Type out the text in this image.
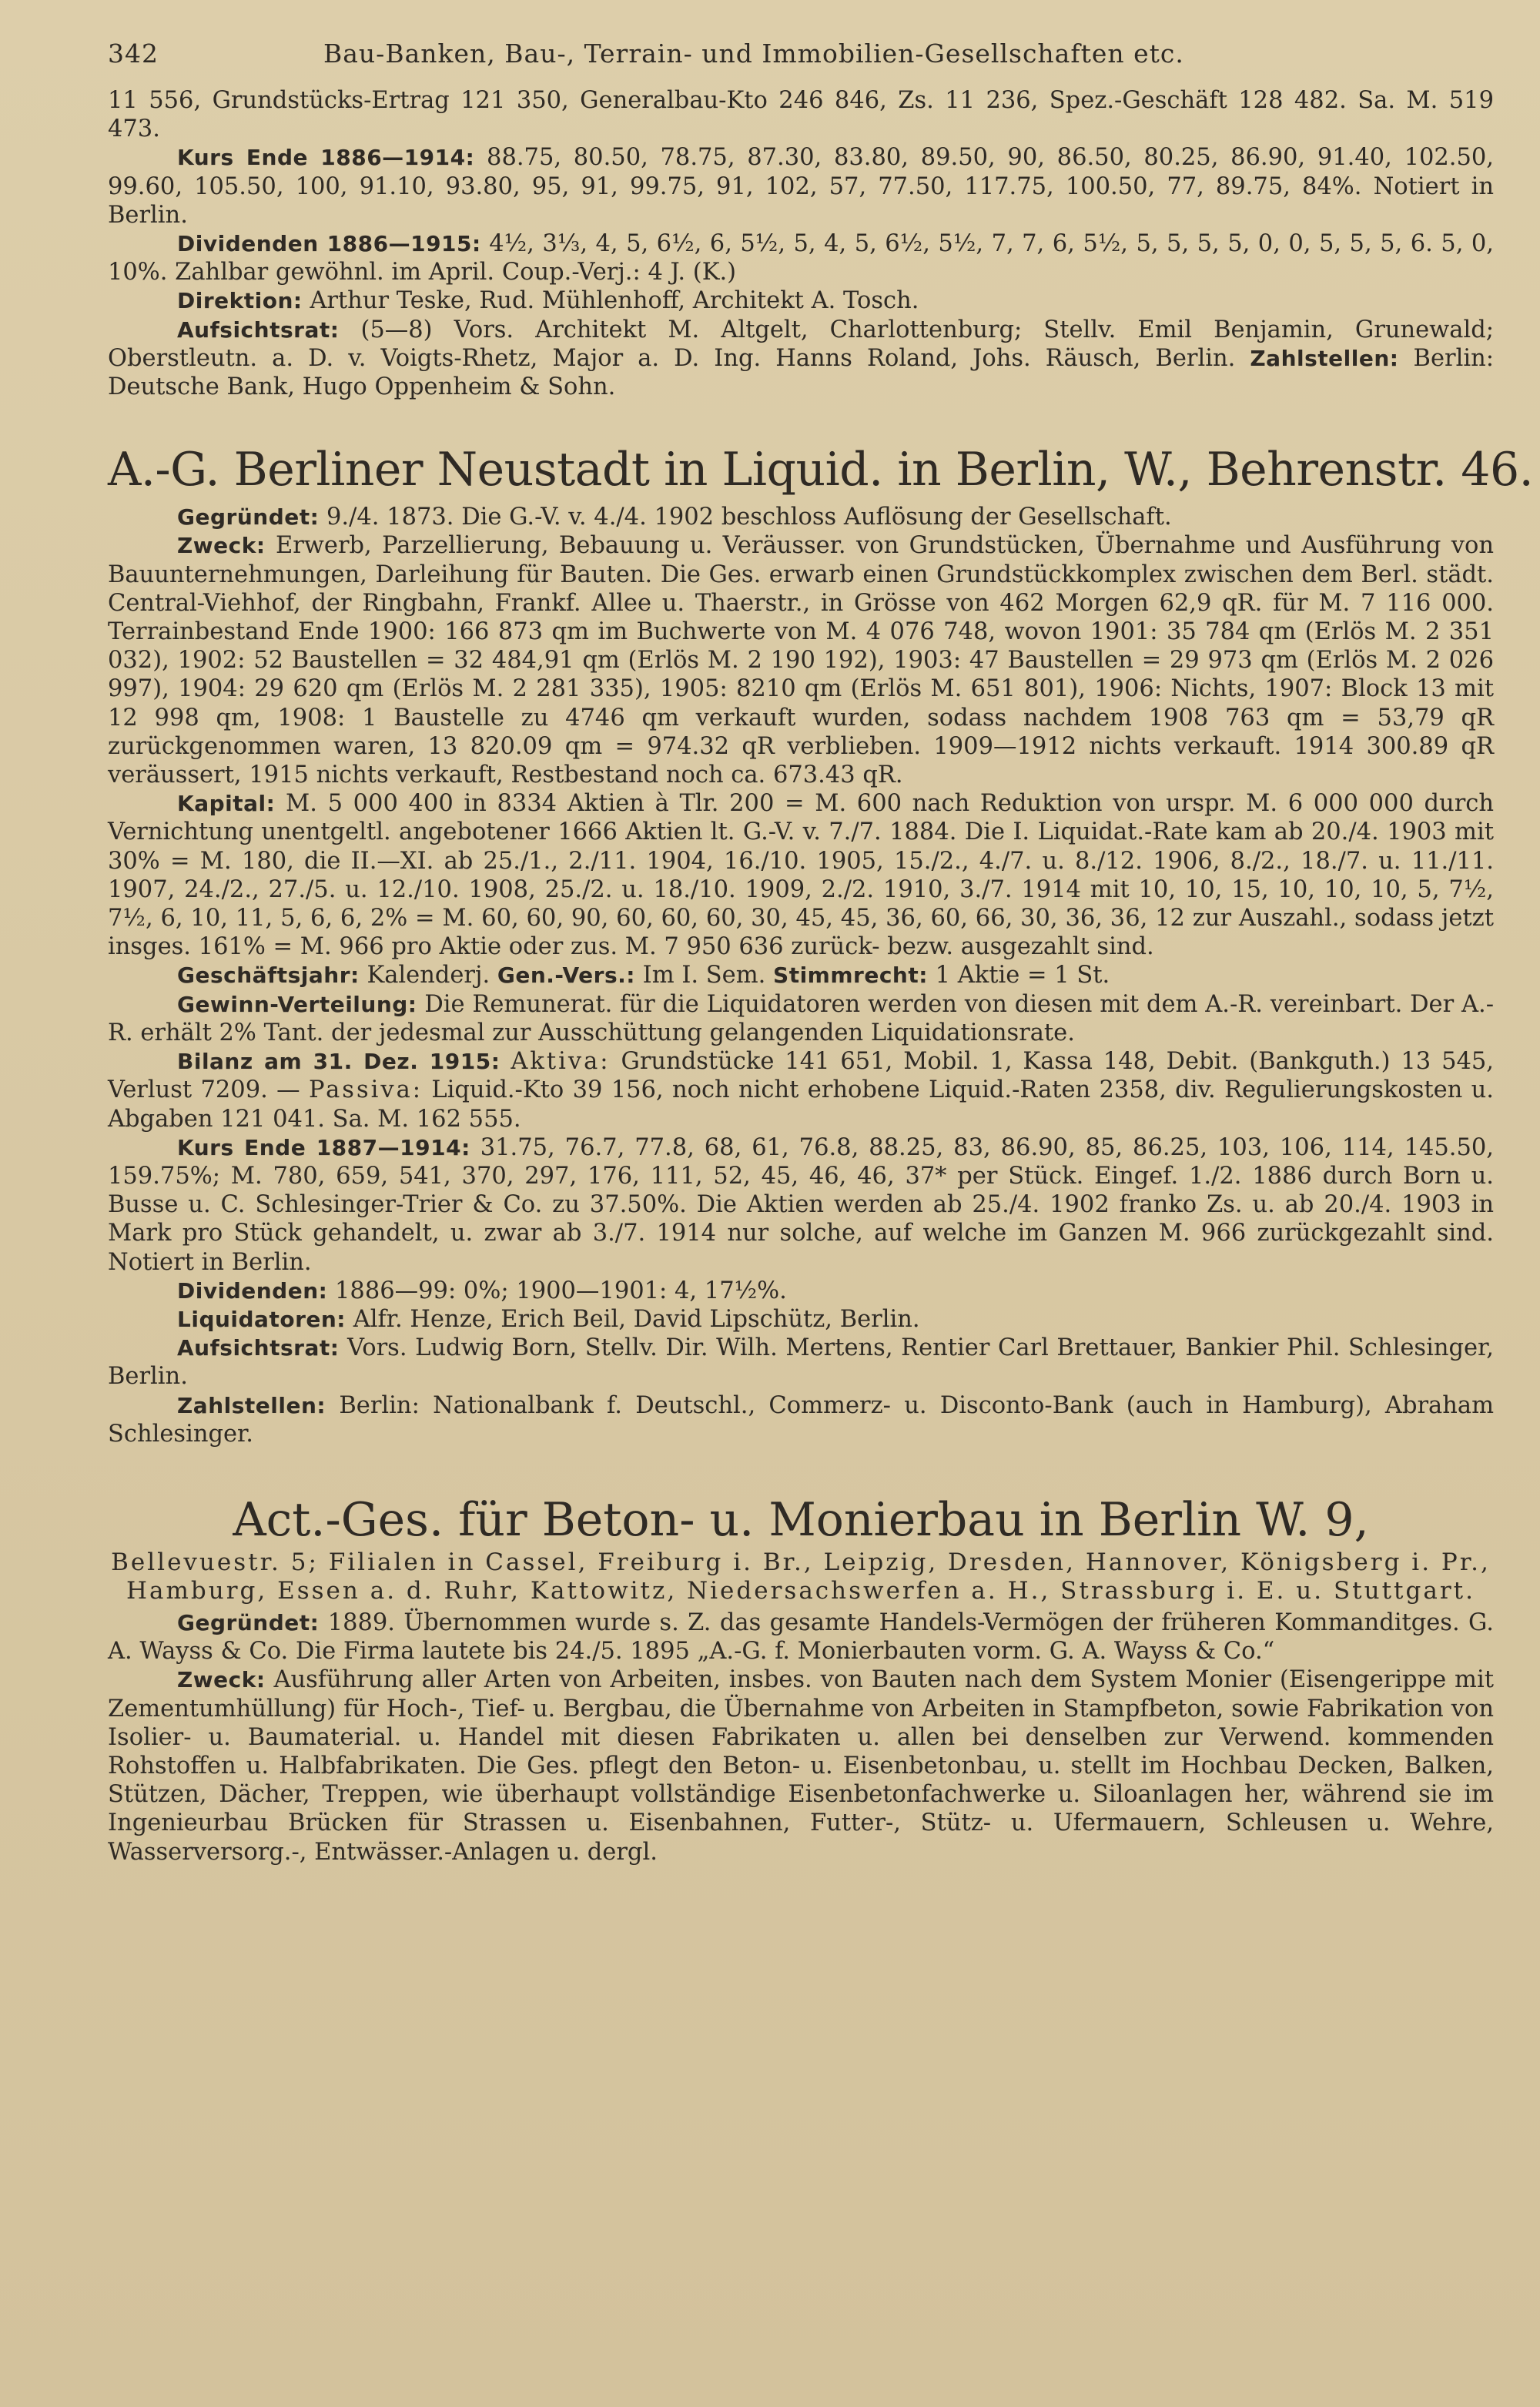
342	Bau-Banken, Bau-, Terrain- und Immobilien-Gesellschaften etc.

11 556, Grundstücks-Ertrag 121 350, Generalbau-Kto 246 846, Zs. 11 236, Spez.-Geschäft 128 482. Sa. M. 519 473.

Kurs Ende 1886—1914: 88.75, 80.50, 78.75, 87.30, 83.80, 89.50, 90, 86.50, 80.25, 86.90, 91.40, 102.50, 99.60, 105.50, 100, 91.10, 93.80, 95, 91, 99.75, 91, 102, 57, 77.50, 117.75, 100.50, 77, 89.75, 84%. Notiert in Berlin.

Dividenden 1886—1915: 4½, 3⅓, 4, 5, 6½, 6, 5½, 5, 4, 5, 6½, 5½, 7, 7, 6, 5½, 5, 5, 5, 5, 0, 0, 5, 5, 5, 6. 5, 0, 10%. Zahlbar gewöhnl. im April. Coup.-Verj.: 4 J. (K.)

Direktion: Arthur Teske, Rud. Mühlenhoff, Architekt A. Tosch.

Aufsichtsrat: (5—8) Vors. Architekt M. Altgelt, Charlottenburg; Stellv. Emil Benjamin, Grunewald; Oberstleutn. a. D. v. Voigts-Rhetz, Major a. D. Ing. Hanns Roland, Johs. Räusch, Berlin. Zahlstellen: Berlin: Deutsche Bank, Hugo Oppenheim & Sohn.

A.-G. Berliner Neustadt in Liquid. in Berlin, W., Behrenstr. 46.

Gegründet: 9./4. 1873. Die G.-V. v. 4./4. 1902 beschloss Auflösung der Gesellschaft.

Zweck: Erwerb, Parzellierung, Bebauung u. Veräusser. von Grundstücken, Übernahme und Ausführung von Bauunternehmungen, Darleihung für Bauten. Die Ges. erwarb einen Grundstückkomplex zwischen dem Berl. städt. Central-Viehhof, der Ringbahn, Frankf. Allee u. Thaerstr., in Grösse von 462 Morgen 62,9 qR. für M. 7 116 000. Terrainbestand Ende 1900: 166 873 qm im Buchwerte von M. 4 076 748, wovon 1901: 35 784 qm (Erlös M. 2 351 032), 1902: 52 Baustellen = 32 484,91 qm (Erlös M. 2 190 192), 1903: 47 Baustellen = 29 973 qm (Erlös M. 2 026 997), 1904: 29 620 qm (Erlös M. 2 281 335), 1905: 8210 qm (Erlös M. 651 801), 1906: Nichts, 1907: Block 13 mit 12 998 qm, 1908: 1 Baustelle zu 4746 qm verkauft wurden, sodass nachdem 1908 763 qm = 53,79 qR zurückgenommen waren, 13 820.09 qm = 974.32 qR verblieben. 1909—1912 nichts verkauft. 1914 300.89 qR veräussert, 1915 nichts verkauft, Restbestand noch ca. 673.43 qR.

Kapital: M. 5 000 400 in 8334 Aktien à Tlr. 200 = M. 600 nach Reduktion von urspr. M. 6 000 000 durch Vernichtung unentgeltl. angebotener 1666 Aktien lt. G.-V. v. 7./7. 1884. Die I. Liquidat.-Rate kam ab 20./4. 1903 mit 30% = M. 180, die II.—XI. ab 25./1., 2./11. 1904, 16./10. 1905, 15./2., 4./7. u. 8./12. 1906, 8./2., 18./7. u. 11./11. 1907, 24./2., 27./5. u. 12./10. 1908, 25./2. u. 18./10. 1909, 2./2. 1910, 3./7. 1914 mit 10, 10, 15, 10, 10, 10, 5, 7½, 7½, 6, 10, 11, 5, 6, 6, 2% = M. 60, 60, 90, 60, 60, 60, 30, 45, 45, 36, 60, 66, 30, 36, 36, 12 zur Auszahl., sodass jetzt insges. 161% = M. 966 pro Aktie oder zus. M. 7 950 636 zurück- bezw. ausgezahlt sind.

Geschäftsjahr: Kalenderj. Gen.-Vers.: Im I. Sem. Stimmrecht: 1 Aktie = 1 St.

Gewinn-Verteilung: Die Remunerat. für die Liquidatoren werden von diesen mit dem A.-R. vereinbart. Der A.-R. erhält 2% Tant. der jedesmal zur Ausschüttung gelangenden Liquidationsrate.

Bilanz am 31. Dez. 1915: Aktiva: Grundstücke 141 651, Mobil. 1, Kassa 148, Debit. (Bankguth.) 13 545, Verlust 7209. — Passiva: Liquid.-Kto 39 156, noch nicht erhobene Liquid.-Raten 2358, div. Regulierungskosten u. Abgaben 121 041. Sa. M. 162 555.

Kurs Ende 1887—1914: 31.75, 76.7, 77.8, 68, 61, 76.8, 88.25, 83, 86.90, 85, 86.25, 103, 106, 114, 145.50, 159.75%; M. 780, 659, 541, 370, 297, 176, 111, 52, 45, 46, 46, 37* per Stück. Eingef. 1./2. 1886 durch Born u. Busse u. C. Schlesinger-Trier & Co. zu 37.50%. Die Aktien werden ab 25./4. 1902 franko Zs. u. ab 20./4. 1903 in Mark pro Stück gehandelt, u. zwar ab 3./7. 1914 nur solche, auf welche im Ganzen M. 966 zurückgezahlt sind. Notiert in Berlin.

Dividenden: 1886—99: 0%; 1900—1901: 4, 17½%.

Liquidatoren: Alfr. Henze, Erich Beil, David Lipschütz, Berlin.

Aufsichtsrat: Vors. Ludwig Born, Stellv. Dir. Wilh. Mertens, Rentier Carl Brettauer, Bankier Phil. Schlesinger, Berlin.

Zahlstellen: Berlin: Nationalbank f. Deutschl., Commerz- u. Disconto-Bank (auch in Hamburg), Abraham Schlesinger.

Act.-Ges. für Beton- u. Monierbau in Berlin W. 9,
Bellevuestr. 5; Filialen in Cassel, Freiburg i. Br., Leipzig, Dresden, Hannover, Königsberg i. Pr., Hamburg, Essen a. d. Ruhr, Kattowitz, Niedersachswerfen a. H., Strassburg i. E. u. Stuttgart.

Gegründet: 1889. Übernommen wurde s. Z. das gesamte Handels-Vermögen der früheren Kommanditges. G. A. Wayss & Co. Die Firma lautete bis 24./5. 1895 „A.-G. f. Monierbauten vorm. G. A. Wayss & Co.“

Zweck: Ausführung aller Arten von Arbeiten, insbes. von Bauten nach dem System Monier (Eisengerippe mit Zementumhüllung) für Hoch-, Tief- u. Bergbau, die Übernahme von Arbeiten in Stampfbeton, sowie Fabrikation von Isolier- u. Baumaterial. u. Handel mit diesen Fabrikaten u. allen bei denselben zur Verwend. kommenden Rohstoffen u. Halbfabrikaten. Die Ges. pflegt den Beton- u. Eisenbetonbau, u. stellt im Hochbau Decken, Balken, Stützen, Dächer, Treppen, wie überhaupt vollständige Eisenbetonfachwerke u. Siloanlagen her, während sie im Ingenieurbau Brücken für Strassen u. Eisenbahnen, Futter-, Stütz- u. Ufermauern, Schleusen u. Wehre, Wasserversorg.-, Entwässer.-Anlagen u. dergl.
